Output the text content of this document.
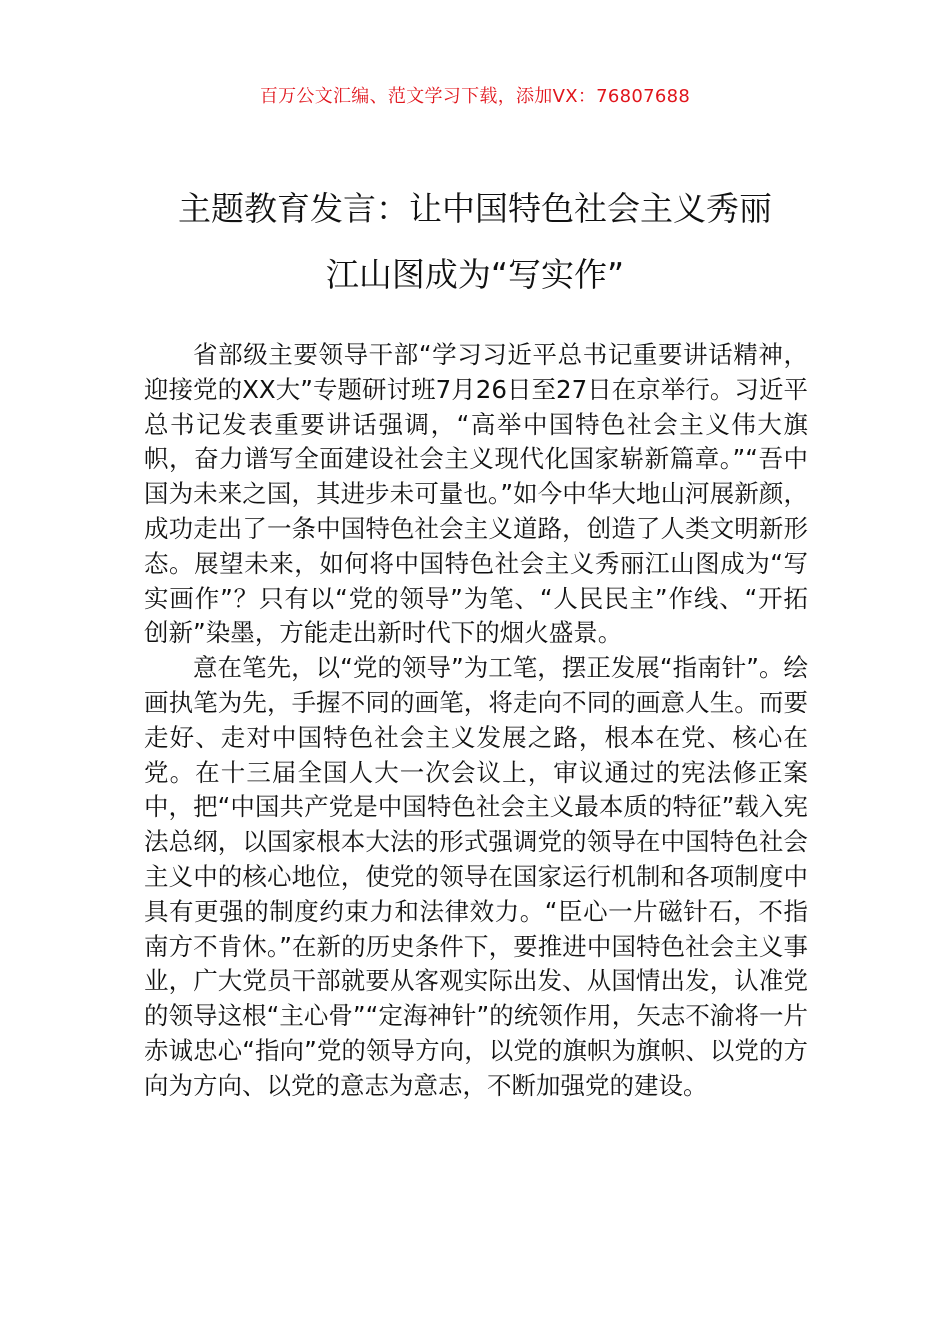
百万公文汇编、范文学习下载，添加VX：76807688
主题教育发言：让中国特色社会主义秀丽
江山图成为“写实作”

省部级主要领导干部“学习习近平总书记重要讲话精神，迎接党的XX大”专题研讨班7月26日至27日在京举行。习近平总书记发表重要讲话强调，“高举中国特色社会主义伟大旗帜，奋力谱写全面建设社会主义现代化国家崭新篇章。”“吾中国为未来之国，其进步未可量也。”如今中华大地山河展新颜，成功走出了一条中国特色社会主义道路，创造了人类文明新形态。展望未来，如何将中国特色社会主义秀丽江山图成为“写实画作”？只有以“党的领导”为笔、“人民民主”作线、“开拓创新”染墨，方能走出新时代下的烟火盛景。

意在笔先，以“党的领导”为工笔，摆正发展“指南针”。绘画执笔为先，手握不同的画笔，将走向不同的画意人生。而要走好、走对中国特色社会主义发展之路，根本在党、核心在党。在十三届全国人大一次会议上，审议通过的宪法修正案中，把“中国共产党是中国特色社会主义最本质的特征”载入宪法总纲，以国家根本大法的形式强调党的领导在中国特色社会主义中的核心地位，使党的领导在国家运行机制和各项制度中具有更强的制度约束力和法律效力。“臣心一片磁针石，不指南方不肯休。”在新的历史条件下，要推进中国特色社会主义事业，广大党员干部就要从客观实际出发、从国情出发，认准党的领导这根“主心骨”“定海神针”的统领作用，矢志不渝将一片赤诚忠心“指向”党的领导方向，以党的旗帜为旗帜、以党的方向为方向、以党的意志为意志，不断加强党的建设。
